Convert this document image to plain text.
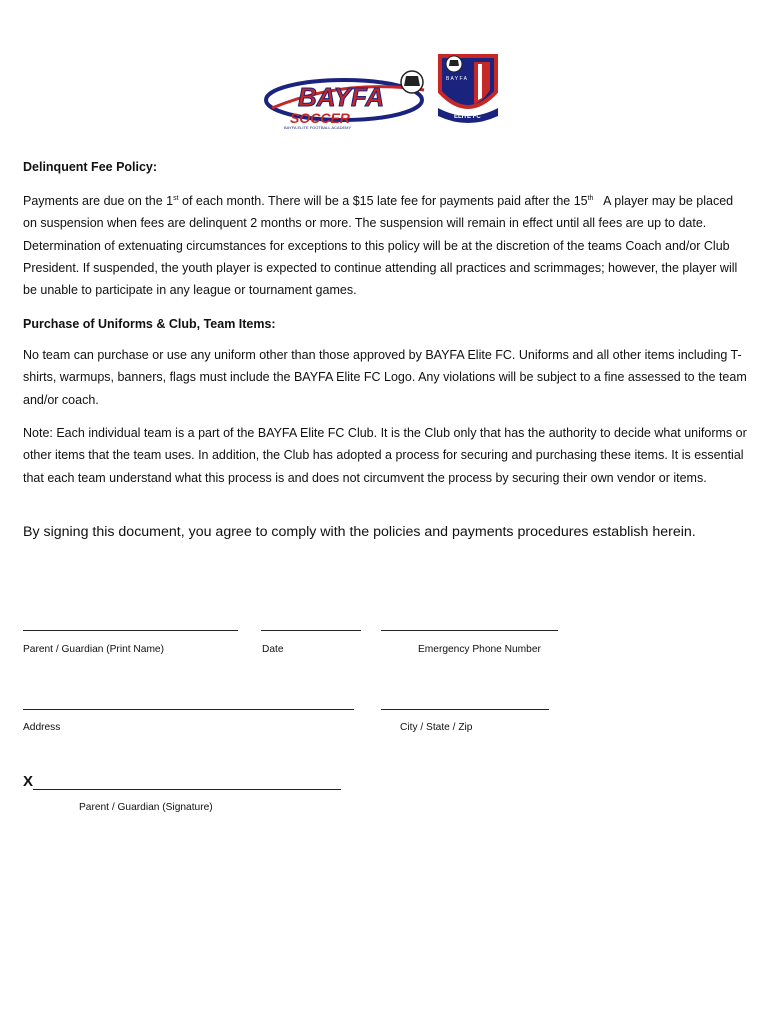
BAYFA
SOCCER
BAYFA ELITE FOOTBALL ACADEMY
B A Y F A
ELITE FC
Delinquent Fee Policy:
Payments are due on the 1st of each month. There will be a $15 late fee for payments paid after the 15th   A player may be placed on suspension when fees are delinquent 2 months or more. The suspension will remain in effect until all fees are up to date. Determination of extenuating circumstances for exceptions to this policy will be at the discretion of the teams Coach and/or Club President. If suspended, the youth player is expected to continue attending all practices and scrimmages; however, the player will be unable to participate in any league or tournament games.
Purchase of Uniforms & Club, Team Items:
No team can purchase or use any uniform other than those approved by BAYFA Elite FC. Uniforms and all other items including T-shirts, warmups, banners, flags must include the BAYFA Elite FC Logo. Any violations will be subject to a fine assessed to the team and/or coach.
Note: Each individual team is a part of the BAYFA Elite FC Club. It is the Club only that has the authority to decide what uniforms or other items that the team uses. In addition, the Club has adopted a process for securing and purchasing these items. It is essential that each team understand what this process is and does not circumvent the process by securing their own vendor or items.
By signing this document, you agree to comply with the policies and payments procedures establish herein.
Parent / Guardian (Print Name)	Date	Emergency Phone Number
Address	City / State / Zip
X
Parent / Guardian (Signature)
